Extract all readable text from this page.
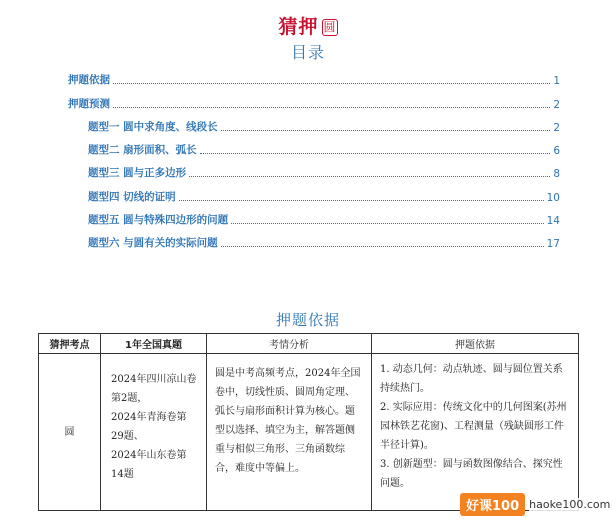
猜押 圆
目录
押题依据	1
押题预测	2
题型一 圆中求角度、线段长	2
题型二 扇形面积、弧长	6
题型三 圆与正多边形	8
题型四 切线的证明	10
题型五 圆与特殊四边形的问题	14
题型六 与圆有关的实际问题	17
押题依据
猜押考点	1年全国真题	考情分析	押题依据
圆	2024年四川凉山卷第2题，
2024年青海卷第29题、
2024年山东卷第14题	圆是中考高频考点，2024年全国卷中，切线性质、圆周角定理、弧长与扇形面积计算为核心。题型以选择、填空为主，解答题侧重与相似三角形、三角函数综合，难度中等偏上。	1. 动态几何：动点轨迹、圆与圆位置关系持续热门。
2. 实际应用：传统文化中的几何图案(苏州园林铁艺花窗)、工程测量（残缺圆形工件半径计算)。
3. 创新题型：圆与函数图像结合、探究性问题。
好课100 haoke100.com
